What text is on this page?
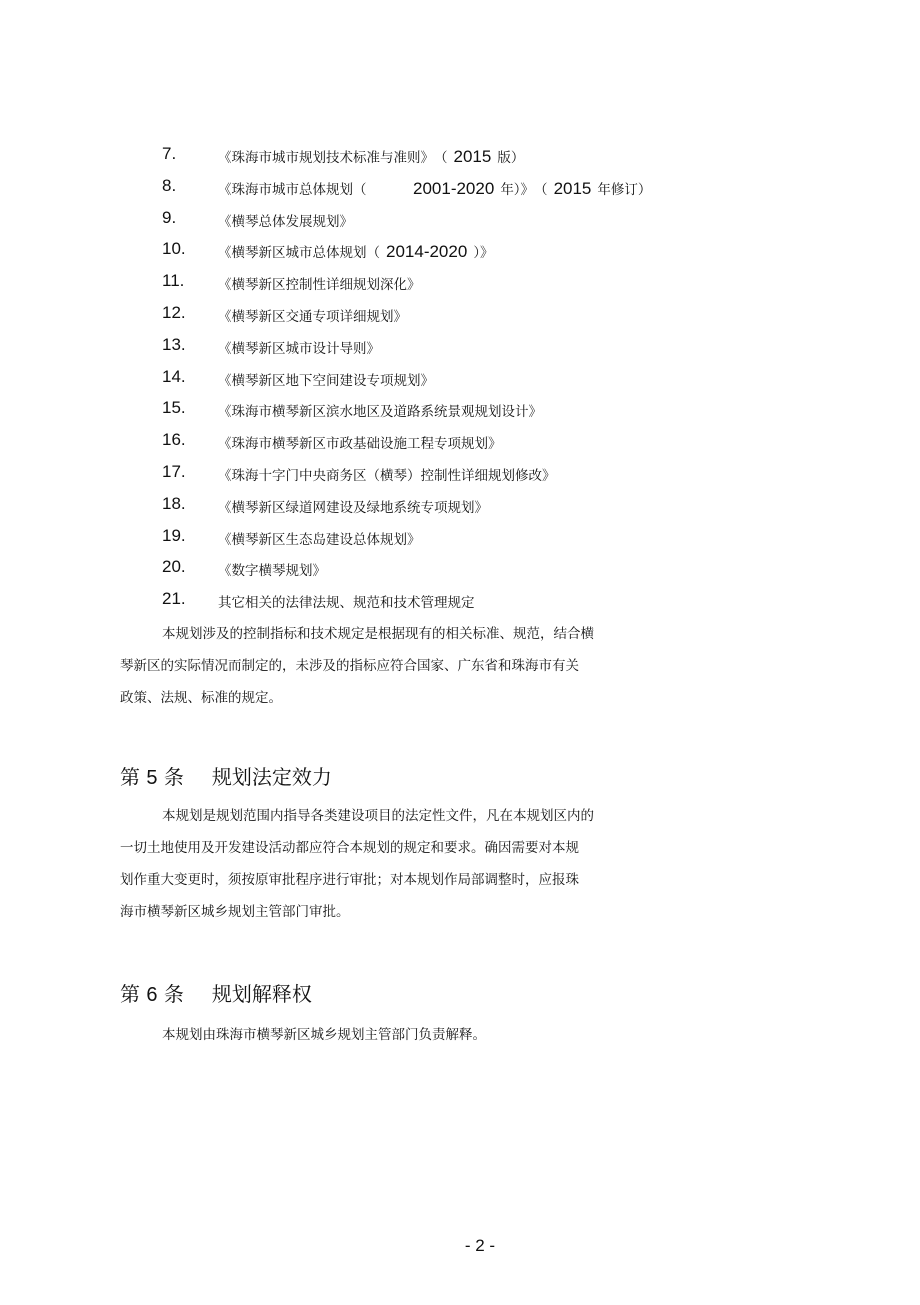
7.	《珠海市城市规划技术标准与准则》　（ 2015 版）
8.	《珠海市城市总体规划（　　　2001-2020 年）》　（ 2015 年修订）
9.	《横琴总体发展规划》
10. 《横琴新区城市总体规划（ 2014-2020 ）》
11. 《横琴新区控制性详细规划深化》
12. 《横琴新区交通专项详细规划》
13. 《横琴新区城市设计导则》
14. 《横琴新区地下空间建设专项规划》
15. 《珠海市横琴新区滨水地区及道路系统景观规划设计》
16. 《珠海市横琴新区市政基础设施工程专项规划》
17. 《珠海十字门中央商务区（横琴）控制性详细规划修改》
18. 《横琴新区绿道网建设及绿地系统专项规划》
19. 《横琴新区生态岛建设总体规划》
20. 《数字横琴规划》
21. 其它相关的法律法规、规范和技术管理规定
本规划涉及的控制指标和技术规定是根据现有的相关标准、规范，结合横
琴新区的实际情况而制定的，未涉及的指标应符合国家、广东省和珠海市有关
政策、法规、标准的规定。
第 5 条 规划法定效力
本规划是规划范围内指导各类建设项目的法定性文件，凡在本规划区内的
一切土地使用及开发建设活动都应符合本规划的规定和要求。确因需要对本规
划作重大变更时，须按原审批程序进行审批；对本规划作局部调整时，应报珠
海市横琴新区城乡规划主管部门审批。
第 6 条 规划解释权
本规划由珠海市横琴新区城乡规划主管部门负责解释。
- 2 -
